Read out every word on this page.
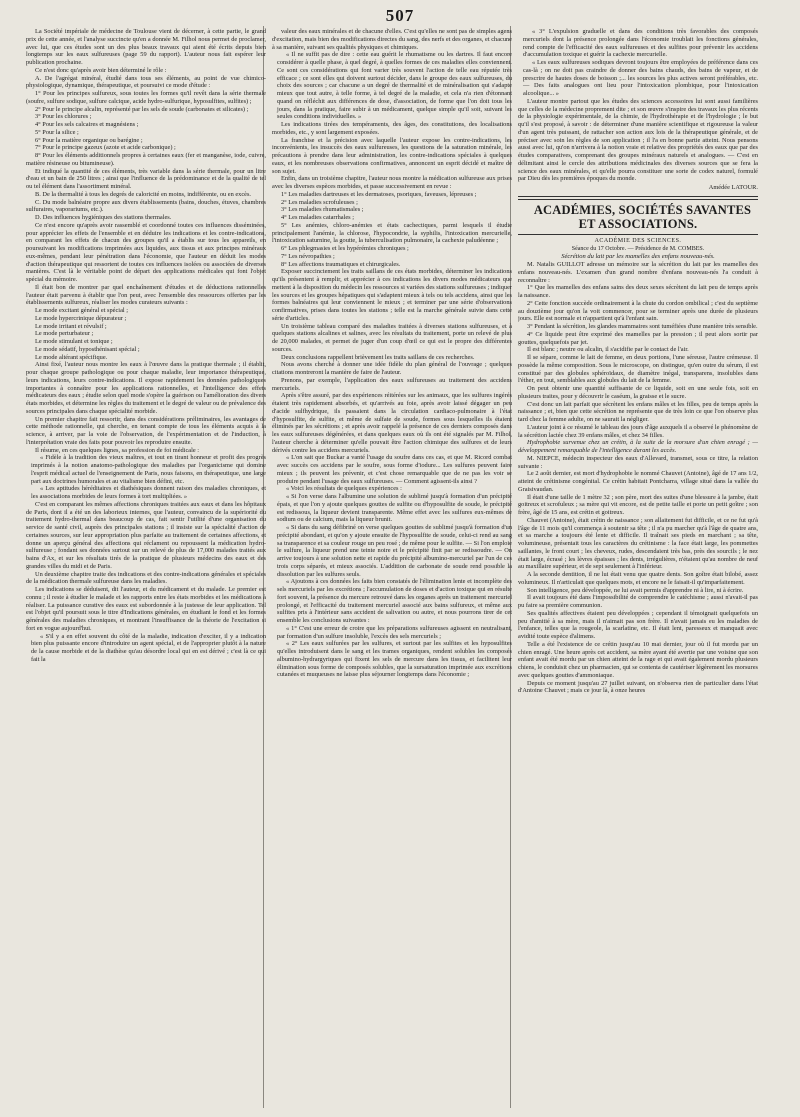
507

La Société impériale de médecine de Toulouse vient de décerner, à cette partie, le grand prix de cette année, et l'analyse succincte qu'en a donnée M. Filhol nous permet de proclamer, avec lui, que ces études sont un des plus beaux travaux qui aient été écrits depuis bien longtemps sur les eaux sulfureuses (page 59 du rapport). L'auteur nous fait espérer leur publication prochaine.

Ce n'est donc qu'après avoir bien déterminé le rôle :

A. De l'agrégat minéral, étudié dans tous ses éléments, au point de vue chimico-physiologique, dynamique, thérapeutique, et poursuivi ce mode d'étude :

1° Pour les principes sulfureux, sous toutes les formes qu'il revêt dans la série thermale (soufre, sulfure sodique, sulfure calcique, acide hydro-sulfurique, hyposulfites, sulfites) ;

2° Pour le principe alcalin, représenté par les sels de soude (carbonates et silicates) ;

3° Pour les chlorures ;

4° Pour les sels calcaires et magnésiens ;

5° Pour la silice ;

6° Pour la matière organique ou barégine ;

7° Pour le principe gazeux (azote et acide carbonique) ;

8° Pour les éléments additionnels propres à certaines eaux (fer et manganèse, iode, cuivre, matière résineuse ou bitumineuse).

Et indiqué la quantité de ces éléments, très variable dans la série thermale, pour un litre d'eau et un bain de 250 litres ; ainsi que l'influence de la prédominance et de la qualité de tel ou tel élément dans l'assortiment minéral.

B. De la thermalité à tous les degrés de caloricité en moins, indifférente, ou en excès.

C. Du mode balnéaire propre aux divers établissements (bains, douches, étuves, chambres sulfuraires, vaporariums, etc.).

D. Des influences hygiéniques des stations thermales.

Ce n'est encore qu'après avoir rassemblé et coordonné toutes ces influences disséminées, pour apprécier les effets de l'ensemble et en déduire les indications et les contre-indications, en comparant les effets de chacun des groupes qu'il a établis sur tous les appareils, en poursuivant les modifications imprimées aux liquides, aux tissus et aux principes minéraux eux-mêmes, pendant leur pénétration dans l'économie, que l'auteur en déduit les modes d'action thérapeutique qui ressortent de toutes ces influences isolées ou associées de diverses manières. C'est là le véritable point de départ des applications médicales qui font l'objet spécial du mémoire.

Il était bon de montrer par quel enchaînement d'études et de déductions rationnelles l'auteur était parvenu à établir que l'on peut, avec l'ensemble des ressources offertes par les établissements sulfureux, réaliser les modes curateurs suivants :

Le mode excitant général et spécial ;

Le mode hypercrinique dépurateur ;

Le mode irritant et révulsif ;

Le mode perturbateur ;

Le mode stimulant et tonique ;

Le mode sédatif, hyposthénisant spécial ;

Le mode altérant spécifique.

Ainsi fixé, l'auteur nous montre les eaux à l'œuvre dans la pratique thermale ; il établit, pour chaque groupe pathologique ou pour chaque maladie, leur importance thérapeutique, leurs indications, leurs contre-indications. Il expose rapidement les données pathologiques importantes à connaître pour les applications rationnelles, et l'intelligence des effets médicateurs des eaux ; étudie selon quel mode s'opère la guérison ou l'amélioration des divers états morbides, et détermine les règles du traitement et le degré de valeur ou de prévalence des sources principales dans chaque spécialité morbide.

Un premier chapitre fait ressortir, dans des considérations préliminaires, les avantages de cette méthode rationnelle, qui cherche, en tenant compte de tous les éléments acquis à la science, à arriver, par la voie de l'observation, de l'expérimentation et de l'induction, à l'interprétation vraie des faits pour pouvoir les reproduire ensuite.

Il résume, en ces quelques lignes, sa profession de foi médicale :

« Fidèle à la tradition des vieux maîtres, et tout en tirant honneur et profit des progrès imprimés à la notion anatomo-pathologique des maladies par l'organicisme qui domine l'esprit médical actuel de l'enseignement de Paris, nous faisons, en thérapeutique, une large part aux doctrines humorales et au vitalisme bien défini, etc.

« Les aptitudes héréditaires et diathésiques donnent raison des maladies chroniques, et les associations morbides de leurs formes à tort multipliées. »

C'est en comparant les mêmes affections chroniques traitées aux eaux et dans les hôpitaux de Paris, dont il a été un des laborieux internes, que l'auteur, convaincu de la supériorité du traitement hydro-thermal dans beaucoup de cas, fait sentir l'utilité d'une organisation du service de santé civil, auprès des principales stations ; il insiste sur la spécialité d'action de certaines sources, sur leur appropriation plus parfaite au traitement de certaines affections, et donne un aperçu général des affections qui réclament ou repoussent la médication hydro-sulfureuse ; fondant ses données surtout sur un relevé de plus de 17,000 malades traités aux bains d'Ax, et sur les résultats tirés de la pratique de plusieurs médecins des eaux et des grandes villes du midi et de Paris.

Un deuxième chapitre traite des indications et des contre-indications générales et spéciales de la médication thermale sulfureuse dans les maladies.

Les indications se déduisent, dit l'auteur, et du médicament et du malade. Le premier est connu ; il reste à étudier le malade et les rapports entre les états morbides et les médications à réaliser. La puissance curative des eaux est subordonnée à la justesse de leur application. Tel est l'objet qu'il poursuit sous le titre d'Indications générales, en étudiant le fond et les formes générales des maladies chroniques, et montrant l'insuffisance de la théorie de l'excitation si fort en vogue aujourd'hui.

« S'il y a en effet souvent du côté de la maladie, indication d'exciter, il y a indication bien plus puissante encore d'introduire un agent spécial, et de l'approprier plutôt à la nature de la cause morbide et de la diathèse qu'au désordre local qui en est dérivé ; c'est là ce qui fait la

valeur des eaux minérales et de chacune d'elles. C'est qu'elles ne sont pas de simples agens d'excitation, mais bien des modifications directes du sang, des nerfs et des organes, et chacune à sa manière, suivant ses qualités physiques et chimiques.

« Il ne suffit pas de dire : cette eau guérit le rhumatisme ou les dartres. Il faut encore considérer à quelle phase, à quel degré, à quelles formes de ces maladies elles conviennent. Ce sont ces considérations qui font varier très souvent l'action de telle eau réputée très efficace ; ce sont elles qui doivent surtout décider, dans le groupe des eaux sulfureuses, du choix des sources ; car chacune a un degré de thermalité et de minéralisation qui s'adapte mieux que tout autre, à telle forme, à tel degré de la maladie, et cela n'a rien d'étonnant quand on réfléchit aux différences de dose, d'association, de forme que l'on doit tous les jours, dans la pratique, faire subir à un médicament, quelque simple qu'il soit, suivant les seules conditions individuelles. »

Les indications tirées des tempéraments, des âges, des constitutions, des localisations morbides, etc., y sont largement exposées.

La franchise et la précision avec laquelle l'auteur expose les contre-indications, les inconvénients, les insuccès des eaux sulfureuses, les questions de la saturation minérale, les précautions à prendre dans leur administration, les contre-indications spéciales à quelques eaux, et les nombreuses observations confirmatives, annoncent un esprit décidé et maître de son sujet.

Enfin, dans un troisième chapitre, l'auteur nous montre la médication sulfureuse aux prises avec les diverses espèces morbides, et passe successivement en revue :

1° Les maladies dartreuses et les dermatoses, psoriques, faveuses, lépreuses ;

2° Les maladies scrofuleuses ;

3° Les maladies rhumatismales ;

4° Les maladies catarrhales ;

5° Les anémies, chloro-anémies et états cachectiques, parmi lesquels il étudie principalement l'anémie, la chlorose, l'hypocondrie, la syphilis, l'intoxication mercurielle, l'intoxication saturnine, la goutte, la tuberculisation pulmonaire, la cachexie paludéenne ;

6° Les phlegmasies et les hypérémies chroniques ;

7° Les névropathies ;

8° Les affections traumatiques et chirurgicales.

Exposer succinctement les traits saillans de ces états morbides, déterminer les indications qu'ils présentent à remplir, et apprécier à ces indications les divers modes médicateurs que mettent à la disposition du médecin les ressources si variées des stations sulfureuses ; indiquer les sources et les groupes hépatiques qui s'adaptent mieux à tels ou tels accidens, ainsi que les formes balnéaires qui leur conviennent le mieux ; et terminer par une série d'observations confirmatives, prises dans toutes les stations ; telle est la marche générale suivie dans cette série d'articles.

Un troisième tableau comparé des maladies traitées à diverses stations sulfureuses, et à quelques stations alcalines et salines, avec les résultats du traitement, porte un relevé de plus de 20,000 malades, et permet de juger d'un coup d'œil ce qui est le propre des différentes sources.

Deux conclusions rappellent brièvement les traits saillans de ces recherches.

Nous avons cherché à donner une idée fidèle du plan général de l'ouvrage ; quelques citations montreront la manière de faire de l'auteur.

Prenons, par exemple, l'application des eaux sulfureuses au traitement des accidens mercuriels.

Après s'être assuré, par des expériences réitérées sur les animaux, que les sulfures ingérés étaient très rapidement absorbés, et qu'arrivés au foie, après avoir laissé dégager un peu d'acide sulfhydrique, ils passaient dans la circulation cardiaco-pulmonaire à l'état d'hyposulfite, de sulfite, et même de sulfate de soude, formes sous lesquelles ils étaient éliminés par les sécrétions ; et après avoir rappelé la présence de ces derniers composés dans les eaux sulfureuses dégénérées, et dans quelques eaux où ils ont été signalés par M. Filhol, l'auteur cherche à déterminer qu'elle pouvait être l'action chimique des sulfures et de leurs dérivés contre les accidens mercuriels.

« L'on sait que Buckar a vanté l'usage du soufre dans ces cas, et que M. Ricord combat avec succès ces accidens par le soufre, sous forme d'iodure... Les sulfures peuvent faire mieux ; ils peuvent les prévenir, et c'est chose remarquable que de ne pas les voir se produire pendant l'usage des eaux sulfureuses. — Comment agissent-ils ainsi ?

« Voici les résultats de quelques expériences :

« Si l'on verse dans l'albumine une solution de sublimé jusqu'à formation d'un précipité épais, et que l'on y ajoute quelques gouttes de sulfite ou d'hyposulfite de soude, le précipité est redissous, la liqueur devient transparente. Même effet avec les sulfures eux-mêmes de sodium ou de calcium, mais la liqueur brunit.

« Si dans du sang défibriné on verse quelques gouttes de sublimé jusqu'à formation d'un précipité abondant, et qu'on y ajoute ensuite de l'hyposulfite de soude, celui-ci rend au sang sa transparence et sa couleur rouge un peu rosé ; de même pour le sulfite. — Si l'on emploie le sulfure, la liqueur prend une teinte noire et le précipité finit par se redissoudre. — On arrive toujours à une solution nette et rapide du précipité albumino-mercuriel par l'un de ces trois corps séparés, et mieux associés. L'addition de carbonate de soude rend possible la dissolution par les sulfures seuls.

« Ajoutons à ces données les faits bien constatés de l'élimination lente et incomplète des sels mercuriels par les excrétions ; l'accumulation de doses et d'action toxique qui en résulte fort souvent, la présence du mercure retrouvé dans les organes après un traitement mercuriel prolongé, et l'efficacité du traitement mercuriel associé aux bains sulfureux, et même aux sulfites pris à l'intérieur sans accident de salivation ou autre, et nous pourrons tirer de cet ensemble les conclusions suivantes :

« 1° C'est une erreur de croire que les préparations sulfureuses agissent en neutralisant, par formation d'un sulfure insoluble, l'excès des sels mercuriels ;

« 2° Les eaux sulfurées par les sulfures, et surtout par les sulfites et les hyposulfites qu'elles introduisent dans le sang et les trames organiques, rendent solubles les composés albumino-hydrargyriques qui fixent les sels de mercure dans les tissus, et facilitent leur élimination sous forme de composés solubles, que la sursaturation imprimée aux excrétions cutanées et muqueuses ne laisse plus séjourner longtemps dans l'économie ;

« 3° L'expulsion graduelle et dans des conditions très favorables des composés mercuriels dont la présence prolongée dans l'économie troublait les fonctions générales, rend compte de l'efficacité des eaux sulfureuses et des sulfites pour prévenir les accidens d'accumulation toxique et guérir la cachexie mercurielle.

« Les eaux sulfureuses sodiques devront toujours être employées de préférence dans ces cas-là ; on ne doit pas craindre de donner des bains chauds, des bains de vapeur, et de prescrire de hautes doses de boisson ;... les sources les plus actives seront préférables, etc. — Des faits analogues ont lieu pour l'intoxication plombique, pour l'intoxication alcoolique... »

L'auteur montre partout que les études des sciences accessoires lui sont aussi familières que celles de la médecine proprement dite ; et son œuvre s'inspire des travaux les plus récents de la physiologie expérimentale, de la chimie, de l'hydrothérapie et de l'hydrologie ; le but qu'il s'est proposé, à savoir : de déterminer d'une manière scientifique et rigoureuse la valeur d'un agent très puissant, de rattacher son action aux lois de la thérapeutique générale, et de préciser avec soin les règles de son application ; il l'a en bonne partie atteint. Nous pensons aussi avec lui, qu'on n'arrivera à la notion vraie et relative des propriétés des eaux que par des études comparatives, comprenant des groupes minéraux naturels et analogues. — C'est en délimitant ainsi le cercle des attributions médicinales des diverses sources que se fera la science des eaux minérales, et qu'elle pourra constituer une sorte de codex naturel, formulé par Dieu dès les premières époques du monde.

Amédée LATOUR.

ACADÉMIES, SOCIÉTÉS SAVANTES ET ASSOCIATIONS.

ACADÉMIE DES SCIENCES.

Séance du 17 Octobre. — Présidence de M. COMBES.

Sécrétion du lait par les mamelles des enfans nouveau-nés.

M. Natalis GUILLOT adresse un mémoire sur la sécrétion du lait par les mamelles des enfans nouveau-nés. L'examen d'un grand nombre d'enfans nouveau-nés l'a conduit à reconnaître :

1° Que les mamelles des enfans sains des deux sexes sécrètent du lait peu de temps après la naissance.

2° Cette fonction succède ordinairement à la chute du cordon ombilical ; c'est du septième au douzième jour qu'on la voit commencer, pour se terminer après une durée de plusieurs jours. Elle est normale et n'appartient qu'à l'enfant sain.

3° Pendant la sécrétion, les glandes mammaires sont tuméfiées d'une manière très sensible.

4° Ce liquide peut être exprimé des mamelles par la pression ; il peut alors sortir par gouttes, quelquefois par jet.

Il est blanc ; neutre ou alcalin, il s'acidifie par le contact de l'air.

Il se sépare, comme le lait de femme, en deux portions, l'une séreuse, l'autre crémeuse. Il possède la même composition. Sous le microscope, on distingue, qu'en outre du sérum, il est constitué par des globules sphéroïdaux, de diamètre inégal, transparens, insolubles dans l'éther, en tout, semblables aux globules du lait de la femme.

On peut obtenir une quantité suffisante de ce liquide, soit en une seule fois, soit en plusieurs traites, pour y découvrir le caséum, la graisse et le sucre.

C'est donc un lait parfait que sécrètent les enfans mâles et les filles, peu de temps après la naissance ; et, bien que cette sécrétion ne représente que de très loin ce que l'on observe plus tard chez la femme adulte, on ne saurait la négliger.

L'auteur joint à ce résumé le tableau des jours d'âge auxquels il a observé le phénomène de la sécrétion lactée chez 39 enfans mâles, et chez 34 filles.

Hydrophobie survenue chez un crétin, à la suite de la morsure d'un chien enragé ; — développement remarquable de l'intelligence durant les accès.

M. NIEPCE, médecin inspecteur des eaux d'Allevard, transmet, sous ce titre, la relation suivante :

Le 2 août dernier, est mort d'hydrophobie le nommé Chauvet (Antoine), âgé de 17 ans 1/2, atteint de crétinisme congénital. Ce crétin habitait Pontcharra, village situé dans la vallée du Graisivaudan.

Il était d'une taille de 1 mètre 32 ; son père, mort des suites d'une blessure à la jambe, était goitreux et scrofuleux ; sa mère qui vit encore, est de petite taille et porte un petit goître ; son frère, âgé de 15 ans, est crétin et goitreux.

Chauvet (Antoine), était crétin de naissance ; son allaitement fut difficile, et ce ne fut qu'à l'âge de 11 mois qu'il commença à soutenir sa tête ; il n'a pu marcher qu'à l'âge de quatre ans, et sa marche a toujours été lente et difficile. Il traînait ses pieds en marchant ; sa tête, volumineuse, présentait tous les caractères du crétinisme : la face était large, les pommettes saillantes, le front court ; les cheveux, rudes, descendaient très bas, près des sourcils ; le nez était large, écrasé ; les lèvres épaisses ; les dents, irrégulières, n'étaient qu'au nombre de neuf au maxillaire supérieur, et de sept seulement à l'inférieur.

A la seconde dentition, il ne lui était venu que quatre dents. Son goître était bilobé, assez volumineux. Il n'articulait que quelques mots, et encore ne le faisait-il qu'imparfaitement.

Son intelligence, peu développée, ne lui avait permis d'apprendre ni à lire, ni à écrire.

Il avait toujours été dans l'impossibilité de comprendre le catéchisme ; aussi n'avait-il pas pu faire sa première communion.

Ses qualités affectives étaient peu développées ; cependant il témoignait quelquefois un peu d'amitié à sa mère, mais il n'aimait pas son frère. Il n'avait jamais eu les maladies de l'enfance, telles que la rougeole, la scarlatine, etc. Il était lent, paresseux et manquait avec avidité toute espèce d'alimens.

Telle a été l'existence de ce crétin jusqu'au 10 mai dernier, jour où il fut mordu par un chien enragé. Une heure après cet accident, sa mère ayant été avertie par une voisine que son enfant avait été mordu par un chien atteint de la rage et qui avait également mordu plusieurs chiens, le conduisit chez un pharmacien, qui se contenta de cautériser légèrement les morsures avec quelques gouttes d'ammoniaque.

Depuis ce moment jusqu'au 27 juillet suivant, on n'observa rien de particulier dans l'état d'Antoine Chauvet ; mais ce jour là, à onze heures
